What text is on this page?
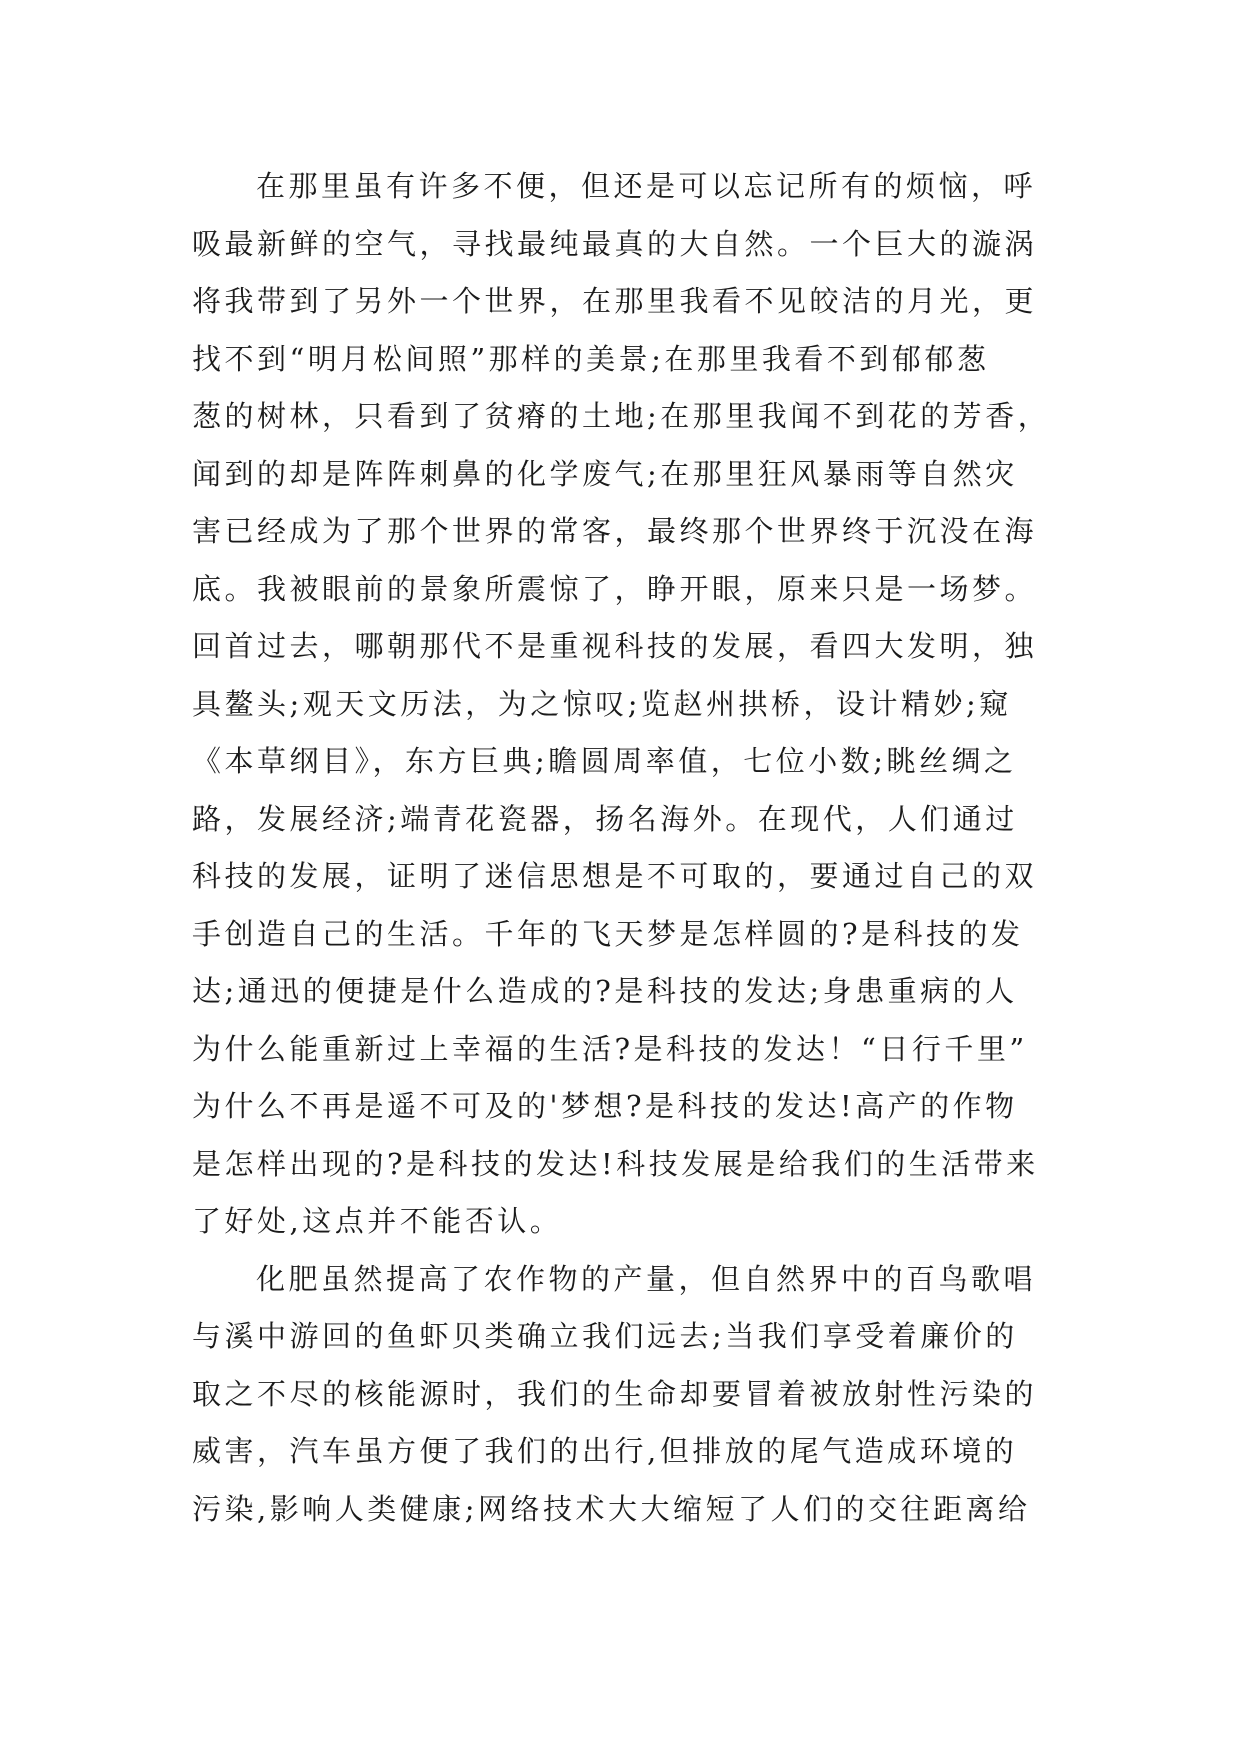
在那里虽有许多不便，但还是可以忘记所有的烦恼，呼
吸最新鲜的空气，寻找最纯最真的大自然。一个巨大的漩涡
将我带到了另外一个世界，在那里我看不见皎洁的月光，更
找不到“明月松间照”那样的美景;在那里我看不到郁郁葱
葱的树林，只看到了贫瘠的土地;在那里我闻不到花的芳香，
闻到的却是阵阵刺鼻的化学废气;在那里狂风暴雨等自然灾
害已经成为了那个世界的常客，最终那个世界终于沉没在海
底。我被眼前的景象所震惊了，睁开眼，原来只是一场梦。
回首过去，哪朝那代不是重视科技的发展，看四大发明，独
具鳌头;观天文历法，为之惊叹;览赵州拱桥，设计精妙;窥
《本草纲目》，东方巨典;瞻圆周率值，七位小数;眺丝绸之
路，发展经济;端青花瓷器，扬名海外。在现代，人们通过
科技的发展，证明了迷信思想是不可取的，要通过自己的双
手创造自己的生活。千年的飞天梦是怎样圆的?是科技的发
达;通迅的便捷是什么造成的?是科技的发达;身患重病的人
为什么能重新过上幸福的生活?是科技的发达！“日行千里”
为什么不再是遥不可及的'梦想?是科技的发达!高产的作物
是怎样出现的?是科技的发达!科技发展是给我们的生活带来
了好处,这点并不能否认。
化肥虽然提高了农作物的产量，但自然界中的百鸟歌唱
与溪中游回的鱼虾贝类确立我们远去;当我们享受着廉价的
取之不尽的核能源时，我们的生命却要冒着被放射性污染的
威害，汽车虽方便了我们的出行,但排放的尾气造成环境的
污染,影响人类健康;网络技术大大缩短了人们的交往距离给
